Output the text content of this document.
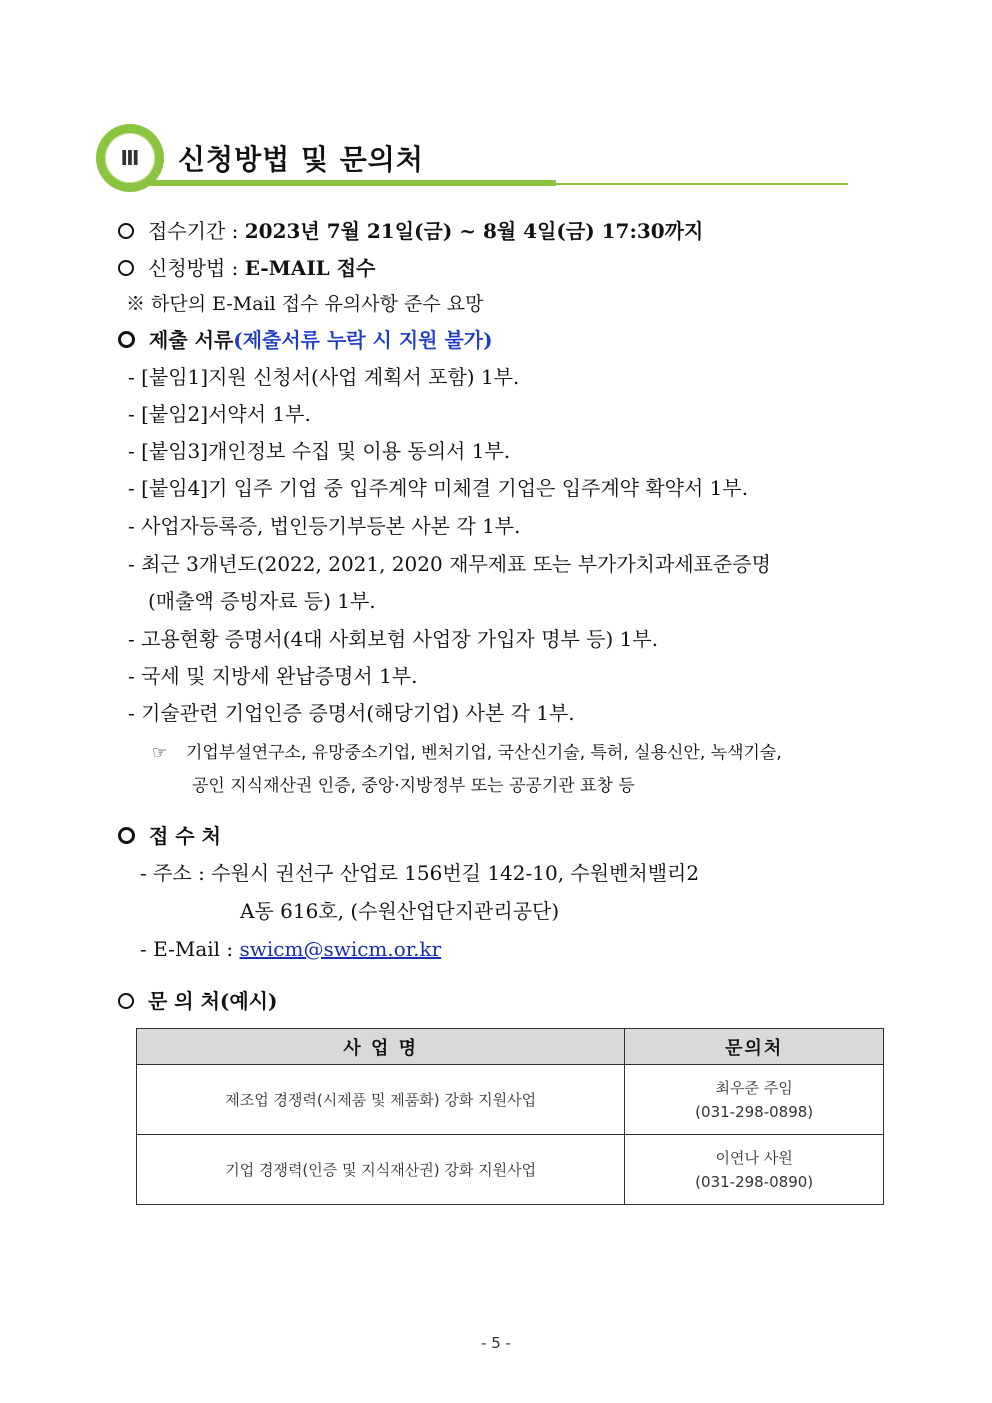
Ⅲ	신청방법 및 문의처
접수기간 : 2023년 7월 21일(금) ~ 8월 4일(금) 17:30까지
신청방법 : E-MAIL 접수
※ 하단의 E-Mail 접수 유의사항 준수 요망
제출 서류(제출서류 누락 시 지원 불가)
- [붙임1]지원 신청서(사업 계획서 포함) 1부.
- [붙임2]서약서 1부.
- [붙임3]개인정보 수집 및 이용 동의서 1부.
- [붙임4]기 입주 기업 중 입주계약 미체결 기업은 입주계약 확약서 1부.
- 사업자등록증, 법인등기부등본 사본 각 1부.
- 최근 3개년도(2022, 2021, 2020 재무제표 또는 부가가치과세표준증명
(매출액 증빙자료 등) 1부.
- 고용현황 증명서(4대 사회보험 사업장 가입자 명부 등) 1부.
- 국세 및 지방세 완납증명서 1부.
- 기술관련 기업인증 증명서(해당기업) 사본 각 1부.
☞ 기업부설연구소, 유망중소기업, 벤처기업, 국산신기술, 특허, 실용신안, 녹색기술,
공인 지식재산권 인증, 중앙·지방정부 또는 공공기관 표창 등
접 수 처
- 주소 : 수원시 권선구 산업로 156번길 142-10, 수원벤처밸리2
A동 616호, (수원산업단지관리공단)
- E-Mail : swicm@swicm.or.kr
문 의 처(예시)
사 업 명	문의처
제조업 경쟁력(시제품 및 제품화) 강화 지원사업	최우준 주임
(031-298-0898)

기업 경쟁력(인증 및 지식재산권) 강화 지원사업	이연나 사원
(031-298-0890)
- 5 -
